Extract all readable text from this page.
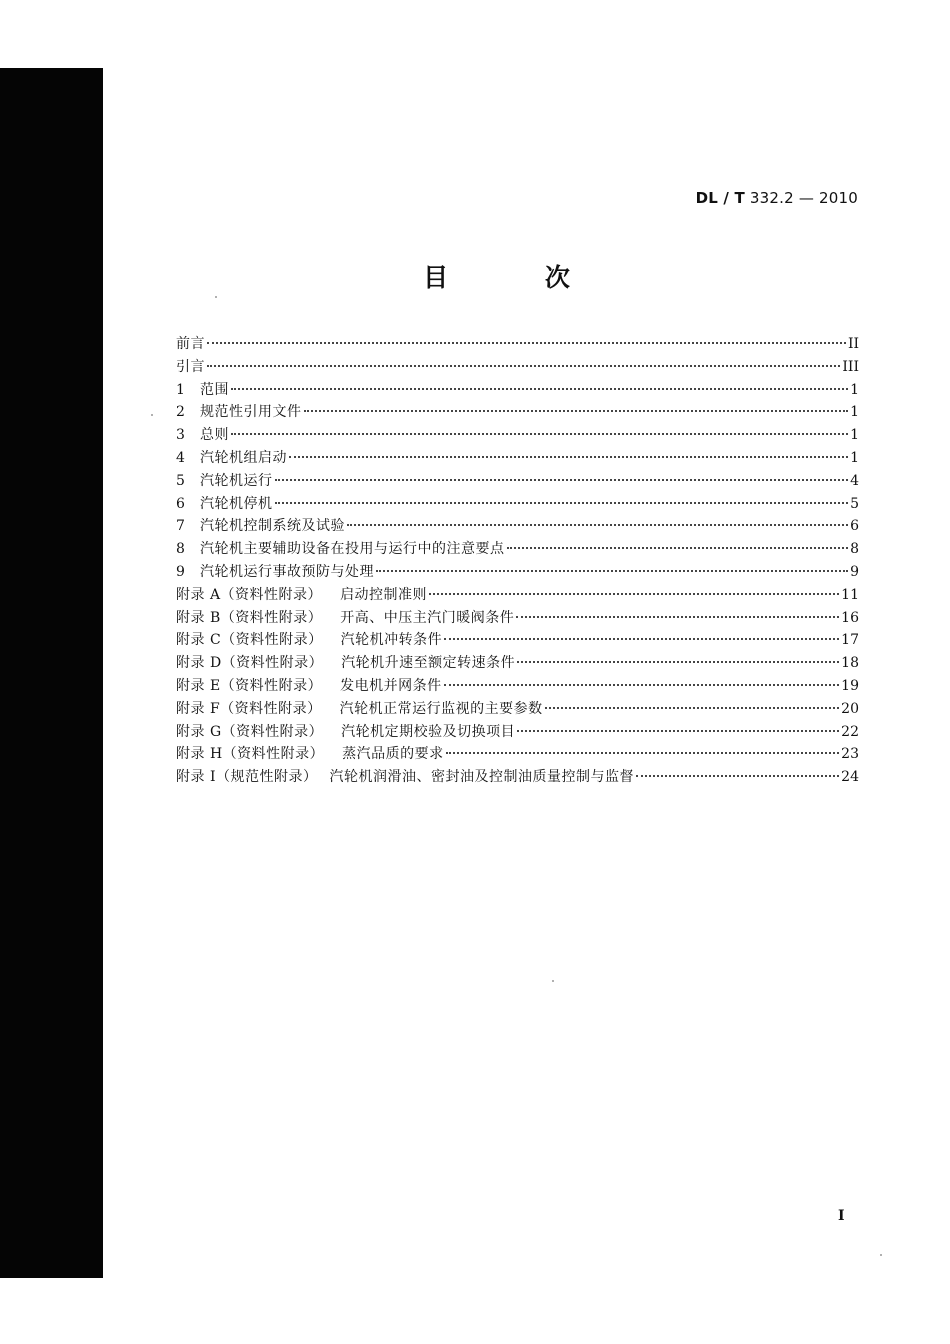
DL / T 332.2 — 2010
目 次
前言	II
引言	III
1	范围	1
2	规范性引用文件	1
3	总则	1
4	汽轮机组启动	1
5	汽轮机运行	4
6	汽轮机停机	5
7	汽轮机控制系统及试验	6
8	汽轮机主要辅助设备在投用与运行中的注意要点	8
9	汽轮机运行事故预防与处理	9
附录 A（资料性附录） 启动控制准则	11
附录 B（资料性附录） 开高、中压主汽门暖阀条件	16
附录 C（资料性附录） 汽轮机冲转条件	17
附录 D（资料性附录） 汽轮机升速至额定转速条件	18
附录 E（资料性附录） 发电机并网条件	19
附录 F（资料性附录） 汽轮机正常运行监视的主要参数	20
附录 G（资料性附录） 汽轮机定期校验及切换项目	22
附录 H（资料性附录） 蒸汽品质的要求	23
附录 I（规范性附录） 汽轮机润滑油、密封油及控制油质量控制与监督	24
I
